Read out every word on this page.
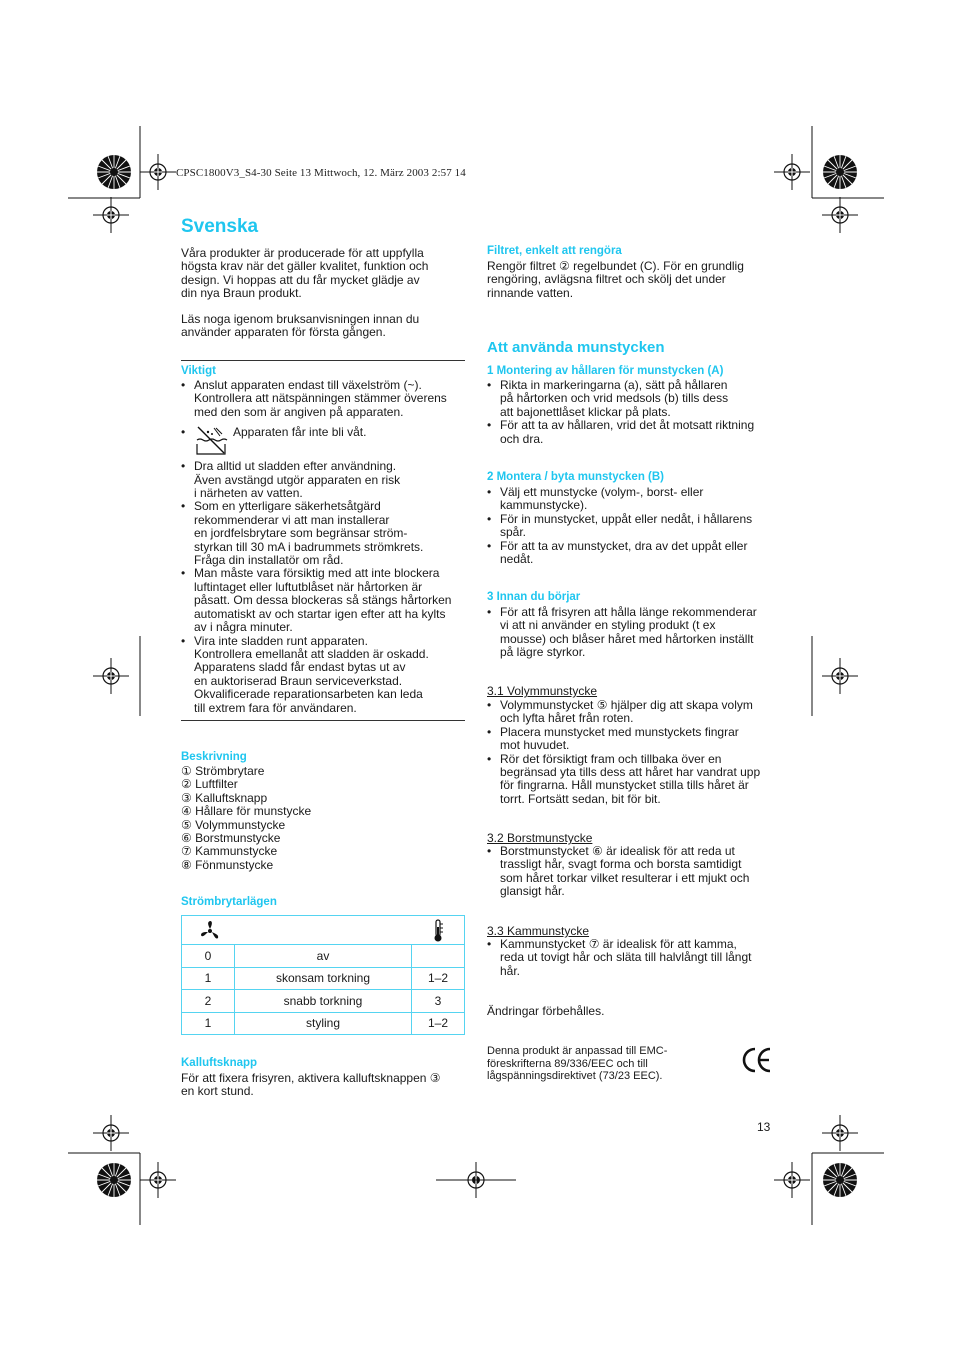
CPSC1800V3_S4-30 Seite 13 Mittwoch, 12. März 2003 2:57 14
Svenska
Våra produkter är producerade för att uppfylla
högsta krav när det gäller kvalitet, funktion och
design. Vi hoppas att du får mycket glädje av
din nya Braun produkt.
Läs noga igenom bruksanvisningen innan du
använder apparaten för första gången.
Viktigt
• Anslut apparaten endast till växelström (~).
Kontrollera att nätspänningen stämmer överens
med den som är angiven på apparaten.
• Apparaten får inte bli våt.
• Dra alltid ut sladden efter användning.
Även avstängd utgör apparaten en risk
i närheten av vatten.
• Som en ytterligare säkerhetsåtgärd
rekommenderar vi att man installerar
en jordfelsbrytare som begränsar ström-
styrkan till 30 mA i badrummets strömkrets.
Fråga din installatör om råd.
• Man måste vara försiktig med att inte blockera
luftintaget eller luftutblåset när hårtorken är
påsatt. Om dessa blockeras så stängs hårtorken
automatiskt av och startar igen efter att ha kylts
av i några minuter.
• Vira inte sladden runt apparaten.
Kontrollera emellanåt att sladden är oskadd.
Apparatens sladd får endast bytas ut av
en auktoriserad Braun serviceverkstad.
Okvalificerade reparationsarbeten kan leda
till extrem fara för användaren.
Beskrivning
① Strömbrytare
② Luftfilter
③ Kalluftsknapp
④ Hållare för munstycke
⑤ Volymmunstycke
⑥ Borstmunstycke
⑦ Kammunstycke
⑧ Fönmunstycke
Strömbrytarlägen

0	av	
1	skonsam torkning	1–2
2	snabb torkning	3
1	styling	1–2
Kalluftsknapp
För att fixera frisyren, aktivera kalluftsknappen ③
en kort stund.
Filtret, enkelt att rengöra
Rengör filtret ② regelbundet (C). För en grundlig
rengöring, avlägsna filtret och skölj det under
rinnande vatten.
Att använda munstycken
1 Montering av hållaren för munstycken (A)
• Rikta in markeringarna (a), sätt på hållaren
på hårtorken och vrid medsols (b) tills dess
att bajonettlåset klickar på plats.
• För att ta av hållaren, vrid det åt motsatt riktning
och dra.
2 Montera / byta munstycken (B)
• Välj ett munstycke (volym-, borst- eller
kammunstycke).
• För in munstycket, uppåt eller nedåt, i hållarens
spår.
• För att ta av munstycket, dra av det uppåt eller
nedåt.
3 Innan du börjar
• För att få frisyren att hålla länge rekommenderar
vi att ni använder en styling produkt (t ex
mousse) och blåser håret med hårtorken inställt
på lägre styrkor.
3.1 Volymmunstycke
• Volymmunstycket ⑤ hjälper dig att skapa volym
och lyfta håret från roten.
• Placera munstycket med munstyckets fingrar
mot huvudet.
• Rör det försiktigt fram och tillbaka över en
begränsad yta tills dess att håret har vandrat upp
för fingrarna. Håll munstycket stilla tills håret är
torrt. Fortsätt sedan, bit för bit.
3.2 Borstmunstycke
• Borstmunstycket ⑥ är idealisk för att reda ut
trassligt hår, svagt forma och borsta samtidigt
som håret torkar vilket resulterar i ett mjukt och
glansigt hår.
3.3 Kammunstycke
• Kammunstycket ⑦ är idealisk för att kamma,
reda ut tovigt hår och släta till halvlångt till långt
hår.
Ändringar förbehålles.
Denna produkt är anpassad till EMC-
föreskrifterna 89/336/EEC och till
lågspänningsdirektivet (73/23 EEC).
13
